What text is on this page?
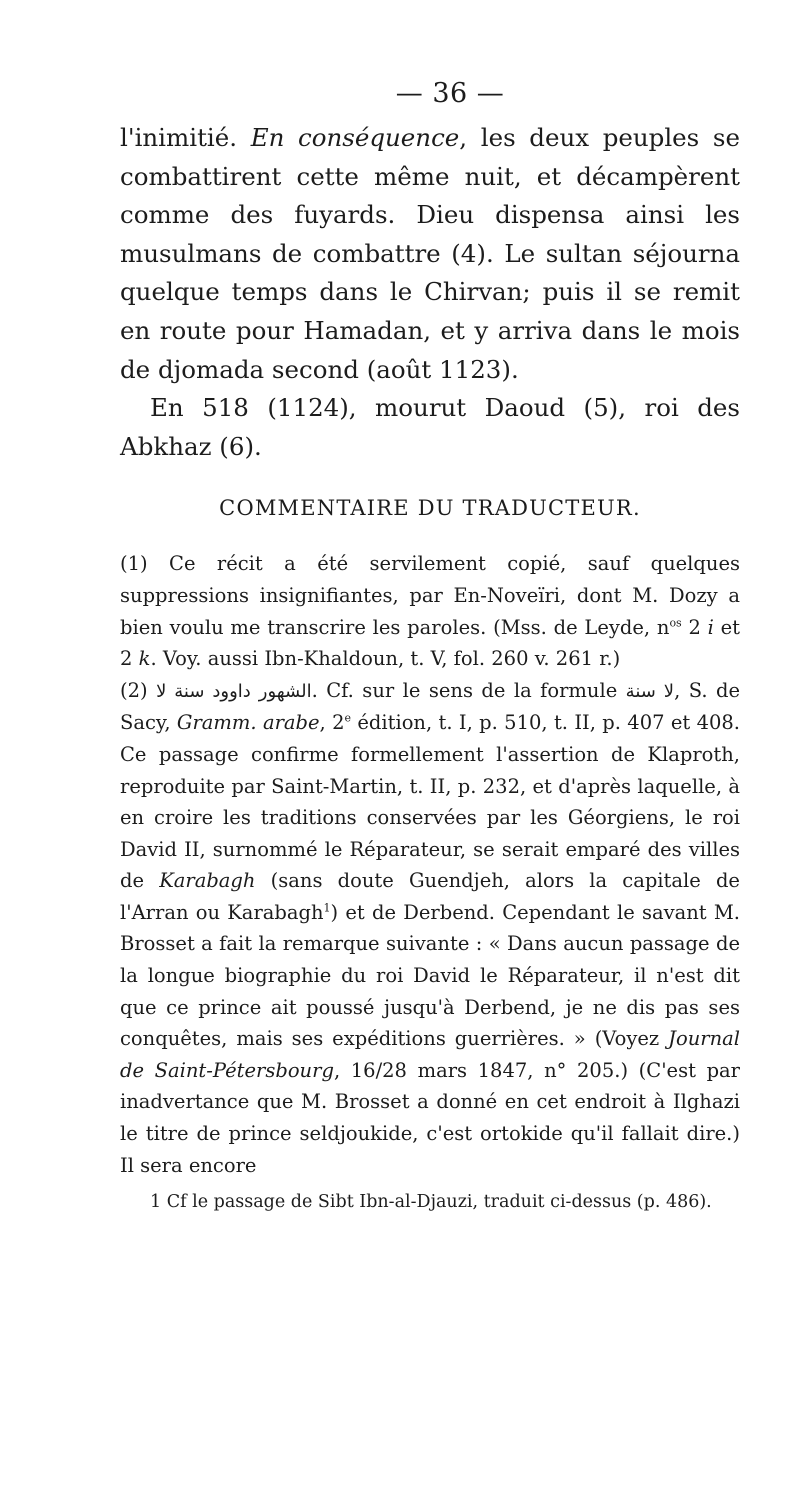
— 36 —

l'inimitié. En conséquence, les deux peuples se combattirent cette même nuit, et décampèrent comme des fuyards. Dieu dispensa ainsi les musulmans de combattre (4). Le sultan séjourna quelque temps dans le Chirvan; puis il se remit en route pour Hamadan, et y arriva dans le mois de djomada second (août 1123).

En 518 (1124), mourut Daoud (5), roi des Abkhaz (6).

COMMENTAIRE DU TRADUCTEUR.

(1) Ce récit a été servilement copié, sauf quelques suppressions insignifiantes, par En-Noveïri, dont M. Dozy a bien voulu me transcrire les paroles. (Mss. de Leyde, $n^{os}$ 2 i et 2 k. Voy. aussi Ibn-Khaldoun, t. V, fol. 260 v. 261 r.)

(2) ﺍﻟﺸﻬﻮﺭ ﺩﺍﻭﻭﺩ ﺳﻨﺔ ﻻ. Cf. sur le sens de la formule ﻻ ﺳﻨﺔ, S. de Sacy, Gramm. arabe, 2e édition, t. I, p. 510, t. II, p. 407 et 408. Ce passage confirme formellement l'assertion de Klaproth, reproduite par Saint-Martin, t. II, p. 232, et d'après laquelle, à en croire les traditions conservées par les Géorgiens, le roi David II, surnommé le Réparateur, se serait emparé des villes de Karabagh (sans doute Guendjeh, alors la capitale de l'Arran ou Karabagh$^1$) et de Derbend. Cependant le savant M. Brosset a fait la remarque suivante : « Dans aucun passage de la longue biographie du roi David le Réparateur, il n'est dit que ce prince ait poussé jusqu'à Derbend, je ne dis pas ses conquêtes, mais ses expéditions guerrières. » (Voyez Journal de Saint-Pétersbourg, 16/28 mars 1847, n° 205.) (C'est par inadvertance que M. Brosset a donné en cet endroit à Ilghazi le titre de prince seldjoukide, c'est ortokide qu'il fallait dire.) Il sera encore

1 Cf le passage de Sibt Ibn-al-Djauzi, traduit ci-dessus (p. 486).
